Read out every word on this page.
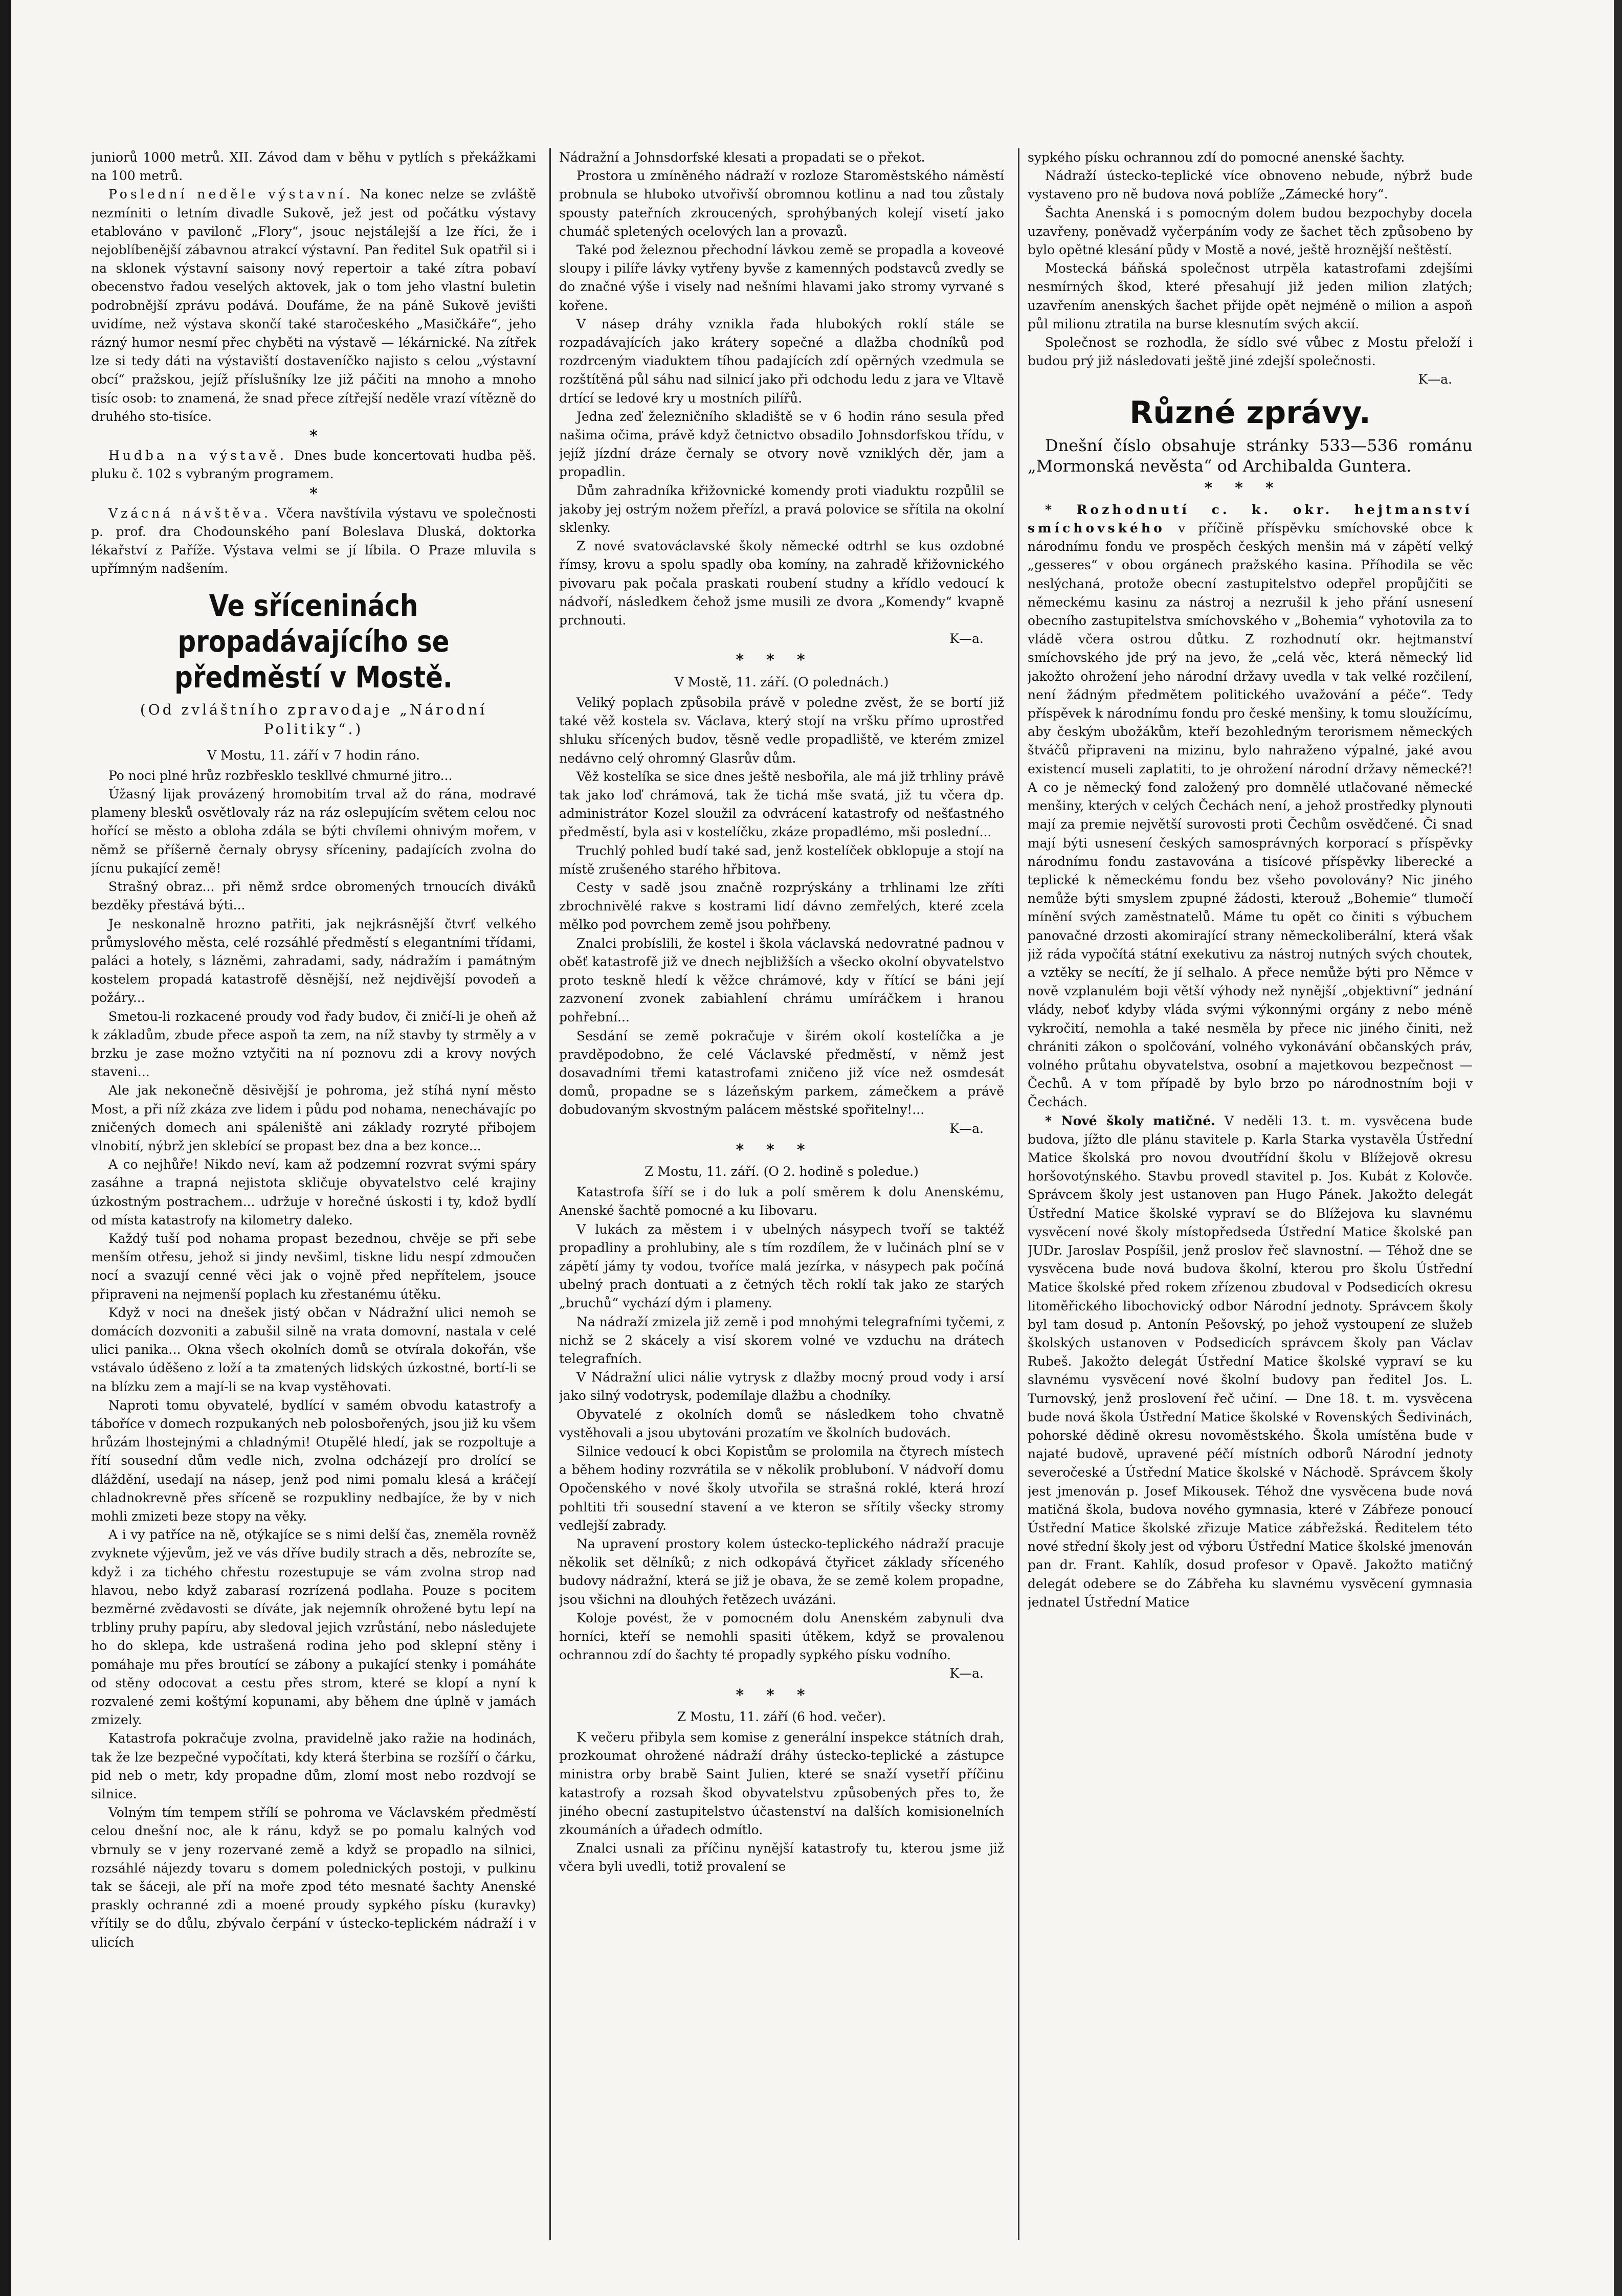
juniorů 1000 metrů. XII. Závod dam v běhu v pytlích s překážkami na 100 metrů.

Poslední neděle výstavní. Na konec nelze se zvláště nezmíniti o letním divadle Sukově, jež jest od počátku výstavy etablováno v pavilonč „Flory“, jsouc nejstálejší a lze říci, že i nejoblíbenější zábavnou atrakcí výstavní. Pan ředitel Suk opatřil si i na sklonek výstavní saisony nový repertoir a také zítra pobaví obecenstvo řadou veselých aktovek, jak o tom jeho vlastní buletin podrobnější zprávu podává. Doufáme, že na páně Sukově jevišti uvidíme, než výstava skončí také staročeského „Masičkáře“, jeho rázný humor nesmí přec chyběti na výstavě — lékárnické. Na zítřek lze si tedy dáti na výstaviští dostaveníčko najisto s celou „výstavní obcí“ pražskou, jejíž příslušníky lze již páčiti na mnoho a mnoho tisíc osob: to znamená, že snad přece zítřejší neděle vrazí vítězně do druhého sto-tisíce.

*

Hudba na výstavě. Dnes bude koncertovati hudba pěš. pluku č. 102 s vybraným programem.

*

Vzácná návštěva. Včera navštívila výstavu ve společnosti p. prof. dra Chodounského paní Boleslava Dluská, doktorka lékařství z Paříže. Výstava velmi se jí líbila. O Praze mluvila s upřímným nadšením.

Ve sříceninách propadávajícího se předměstí v Mostě.
(Od zvláštního zpravodaje „Národní Politiky“.)

V Mostu, 11. září v 7 hodin ráno.

Po noci plné hrůz rozbřesklo teskllvé chmurné jitro...

Úžasný lijak provázený hromobitím trval až do rána, modravé plameny blesků osvětlovaly ráz na ráz oslepujícím světem celou noc hořící se město a obloha zdála se býti chvílemi ohnivým mořem, v němž se příšerně černaly obrysy sříceniny, padajících zvolna do jícnu pukající země!

Strašný obraz... při němž srdce obromených trnoucích diváků bezděky přestává býti...

Je neskonalně hrozno patřiti, jak nejkrásnější čtvrť velkého průmyslového města, celé rozsáhlé předměstí s elegantními třídami, paláci a hotely, s lázněmi, zahradami, sady, nádražím i památným kostelem propadá katastrofě děsnější, než nejdivější povodeň a požáry...

Smetou-li rozkacené proudy vod řady budov, či zničí-li je oheň až k základům, zbude přece aspoň ta zem, na níž stavby ty strměly a v brzku je zase možno vztyčiti na ní poznovu zdi a krovy nových staveni...

Ale jak nekonečně děsivější je pohroma, jež stíhá nyní město Most, a při níž zkáza zve lidem i půdu pod nohama, nenechávajíc po zničených domech ani spáleniště ani základy rozryté přibojem vlnobití, nýbrž jen sklebící se propast bez dna a bez konce...

A co nejhůře! Nikdo neví, kam až podzemní rozvrat svými spáry zasáhne a trapná nejistota skličuje obyvatelstvo celé krajiny úzkostným postrachem... udržuje v horečné úskosti i ty, kdož bydlí od místa katastrofy na kilometry daleko.

Každý tuší pod nohama propast bezednou, chvěje se při sebe menším otřesu, jehož si jindy nevšiml, tiskne lidu nespí zdmoučen nocí a svazují cenné věci jak o vojně před nepřítelem, jsouce připraveni na nejmenší poplach ku zřestanému útěku.

Když v noci na dnešek jistý občan v Nádražní ulici nemoh se domácích dozvoniti a zabušil silně na vrata domovní, nastala v celé ulici panika... Okna všech okolních domů se otvírala dokořán, vše vstávalo úděšeno z loží a ta zmatených lidských úzkostné, bortí-li se na blízku zem a mají-li se na kvap vystěhovati.

Naproti tomu obyvatelé, bydlící v samém obvodu katastrofy a táboříce v domech rozpukaných neb polosbořených, jsou již ku všem hrůzám lhostejnými a chladnými! Otupělé hledí, jak se rozpoltuje a řítí sousední dům vedle nich, zvolna odcházejí pro drolící se dláždění, usedají na násep, jenž pod nimi pomalu klesá a kráčejí chladnokrevně přes sříceně se rozpukliny nedbajíce, že by v nich mohli zmizeti beze stopy na věky.

A i vy patříce na ně, otýkajíce se s nimi delší čas, zneměla rovněž zvyknete výjevům, jež ve vás dříve budily strach a děs, nebrozíte se, když i za tichého chřestu rozestupuje se vám zvolna strop nad hlavou, nebo když zabarasí rozrízená podlaha. Pouze s pocitem bezměrné zvědavosti se díváte, jak nejemník ohrožené bytu lepí na trbliny pruhy papíru, aby sledoval jejich vzrůstání, nebo následujete ho do sklepa, kde ustrašená rodina jeho pod sklepní stěny i pomáhaje mu přes broutící se zábony a pukající stenky i pomáháte od stěny odocovat a cestu přes strom, které se klopí a nyní k rozvalené zemi koštýmí kopunami, aby během dne úplně v jamách zmizely.

Katastrofa pokračuje zvolna, pravidelně jako ražie na hodinách, tak že lze bezpečné vypočítati, kdy která šterbina se rozšíří o čárku, pid neb o metr, kdy propadne dům, zlomí most nebo rozdvojí se silnice.

Volným tím tempem střílí se pohroma ve Václavském předměstí celou dnešní noc, ale k ránu, když se po pomalu kalných vod vbrnuly se v jeny rozervané země a když se propadlo na silnici, rozsáhlé nájezdy tovaru s domem polednických postoji, v pulkinu tak se šáceji, ale pří na moře zpod této mesnaté šachty Anenské praskly ochranné zdi a moené proudy sypkého písku (kuravky) vřítily se do důlu, zbývalo čerpání v ústecko-teplickém nádraží i v ulicích

Nádražní a Johnsdorfské klesati a propadati se o překot.

Prostora u zmíněného nádraží v rozloze Staroměstského náměstí probnula se hluboko utvořivší obromnou kotlinu a nad tou zůstaly spousty pateřních zkroucených, sprohýbaných kolejí visetí jako chumáč spletených ocelových lan a provazů.

Také pod železnou přechodní lávkou země se propadla a koveové sloupy i pilíře lávky vytřeny byvše z kamenných podstavců zvedly se do značné výše i visely nad nešními hlavami jako stromy vyrvané s kořene.

V násep dráhy vznikla řada hlubokých roklí stále se rozpadávajících jako krátery sopečné a dlažba chodníků pod rozdrceným viaduktem tíhou padajících zdí opěrných vzedmula se rozštítěná půl sáhu nad silnicí jako při odchodu ledu z jara ve Vltavě drtící se ledové kry u mostních pilířů.

Jedna zeď železničního skladiště se v 6 hodin ráno sesula před našima očima, právě když četnictvo obsadilo Johnsdorfskou třídu, v jejíž jízdní dráze černaly se otvory nově vzniklých děr, jam a propadlin.

Dům zahradníka křižovnické komendy proti viaduktu rozpůlil se jakoby jej ostrým nožem přeřízl, a pravá polovice se sřítila na okolní sklenky.

Z nové svatováclavské školy německé odtrhl se kus ozdobné římsy, krovu a spolu spadly oba komíny, na zahradě křižovnického pivovaru pak počala praskati roubení studny a křídlo vedoucí k nádvoří, následkem čehož jsme musili ze dvora „Komendy“ kvapně prchnouti.

K—a.
***

V Mostě, 11. září. (O polednách.)

Veliký poplach způsobila právě v poledne zvěst, že se bortí již také věž kostela sv. Václava, který stojí na vršku přímo uprostřed shluku sřícených budov, těsně vedle propadliště, ve kterém zmizel nedávno celý ohromný Glasrův dům.

Věž kostelíka se sice dnes ještě nesbořila, ale má již trhliny právě tak jako loď chrámová, tak že tichá mše svatá, již tu včera dp. administrátor Kozel sloužil za odvrácení katastrofy od nešťastného předměstí, byla asi v kostelíčku, zkáze propadlémo, mši poslední...

Truchlý pohled budí také sad, jenž kostelíček obklopuje a stojí na místě zrušeného starého hřbitova.

Cesty v sadě jsou značně rozprýskány a trhlinami lze zříti zbrochnivělé rakve s kostrami lidí dávno zemřelých, které zcela mělko pod povrchem země jsou pohřbeny.

Znalci probíslili, že kostel i škola václavská nedovratné padnou v oběť katastrofě již ve dnech nejbližších a všecko okolní obyvatelstvo proto teskně hledí k věžce chrámové, kdy v řítící se báni její zazvonení zvonek zabiahlení chrámu umíráčkem i hranou pohřební...

Sesdání se země pokračuje v širém okolí kostelíčka a je pravděpodobno, že celé Václavské předměstí, v němž jest dosavadními třemi katastrofami zničeno již více než osmdesát domů, propadne se s lázeňským parkem, zámečkem a právě dobudovaným skvostným palácem městské spořitelny!...

K—a.
***

Z Mostu, 11. září. (O 2. hodině s poledue.)

Katastrofa šíří se i do luk a polí směrem k dolu Anenskému, Anenské šachtě pomocné a ku Iibovaru.

V lukách za městem i v ubelných násypech tvoří se taktéž propadliny a prohlubiny, ale s tím rozdílem, že v lučinách plní se v zápětí jámy ty vodou, tvoříce malá jezírka, v násypech pak počíná ubelný prach dontuati a z četných těch roklí tak jako ze starých „bruchů“ vychází dým i plameny.

Na nádraží zmizela již země i pod mnohými telegrafními tyčemi, z nichž se 2 skácely a visí skorem volné ve vzduchu na drátech telegrafních.

V Nádražní ulici nálie vytrysk z dlažby mocný proud vody i arsí jako silný vodotrysk, podemílaje dlažbu a chodníky.

Obyvatelé z okolních domů se následkem toho chvatně vystěhovali a jsou ubytováni prozatím ve školních budovách.

Silnice vedoucí k obci Kopistům se prolomila na čtyrech místech a během hodiny rozvrátila se v několik probluboní. V nádvoří domu Opočenského v nové školy utvořila se strašná roklé, která hrozí pohltiti tři sousední stavení a ve kteron se sřítily všecky stromy vedlejší zabrady.

Na upravení prostory kolem ústecko-teplického nádraží pracuje několik set dělníků; z nich odkopává čtyřicet základy sříceného budovy nádražní, která se již je obava, že se země kolem propadne, jsou všichni na dlouhých řetězech uvázáni.

Koloje povést, že v pomocném dolu Anenském zabynuli dva horníci, kteří se nemohli spasiti útěkem, když se provalenou ochrannou zdí do šachty té propadly sypkého písku vodního.

K—a.
***

Z Mostu, 11. září (6 hod. večer).

K večeru přibyla sem komise z generální inspekce státních drah, prozkoumat ohrožené nádraží dráhy ústecko-teplické a zástupce ministra orby brabě Saint Julien, které se snaží vysetří příčinu katastrofy a rozsah škod obyvatelstvu způsobených přes to, že jiného obecní zastupitelstvo účastenství na dalších komisionelních zkoumáních a úřadech odmítlo.

Znalci usnali za příčinu nynější katastrofy tu, kterou jsme již včera byli uvedli, totiž provalení se

sypkého písku ochrannou zdí do pomocné anenské šachty.

Nádraží ústecko-teplické více obnoveno nebude, nýbrž bude vystaveno pro ně budova nová poblíže „Zámecké hory“.

Šachta Anenská i s pomocným dolem budou bezpochyby docela uzavřeny, poněvadž vyčerpáním vody ze šachet těch způsobeno by bylo opětné klesání půdy v Mostě a nové, ještě hroznější neštěstí.

Mostecká báňská společnost utrpěla katastrofami zdejšími nesmírných škod, které přesahují již jeden milion zlatých; uzavřením anenských šachet přijde opět nejméně o milion a aspoň půl milionu ztratila na burse klesnutím svých akcií.

Společnost se rozhodla, že sídlo své vůbec z Mostu přeloží i budou prý již následovati ještě jiné zdejší společnosti.

K—a.
Různé zprávy.

Dnešní číslo obsahuje stránky 533—536 románu „Mormonská nevěsta“ od Archibalda Guntera.

***

* Rozhodnutí c. k. okr. hejtmanství smíchovského v příčině příspěvku smíchovské obce k národnímu fondu ve prospěch českých menšin má v zápětí velký „gesseres“ v obou orgánech pražského kasina. Příhodila se věc neslýchaná, protože obecní zastupitelstvo odepřel propůjčiti se německému kasinu za nástroj a nezrušil k jeho přání usnesení obecního zastupitelstva smíchovského v „Bohemia“ vyhotovila za to vládě včera ostrou důtku. Z rozhodnutí okr. hejtmanství smíchovského jde prý na jevo, že „celá věc, která německý lid jakožto ohrožení jeho národní državy uvedla v tak velké rozčilení, není žádným předmětem politického uvažování a péče“. Tedy příspěvek k národnímu fondu pro české menšiny, k tomu sloužícímu, aby českým ubožákům, kteří bezohledným terorismem německých štváčů připraveni na mizinu, bylo nahraženo výpalné, jaké avou existencí museli zaplatiti, to je ohrožení národní državy německé?! A co je německý fond založený pro domnělé utlačované německé menšiny, kterých v celých Čechách není, a jehož prostředky plynouti mají za premie největší surovosti proti Čechům osvědčené. Či snad mají býti usnesení českých samosprávných korporací s příspěvky národnímu fondu zastavována a tisícové příspěvky liberecké a teplické k německému fondu bez všeho povolovány? Nic jiného nemůže býti smyslem zpupné žádosti, kterouž „Bohemie“ tlumočí mínění svých zaměstnatelů. Máme tu opět co činiti s výbuchem panovačné drzosti akomirající strany německoliberální, která však již ráda vypočítá státní exekutivu za nástroj nutných svých choutek, a vztěky se necítí, že jí selhalo. A přece nemůže býti pro Němce v nově vzplanulém boji větší výhody než nynější „objektivní“ jednání vlády, neboť kdyby vláda svými výkonnými orgány z nebo méně vykročití, nemohla a také nesměla by přece nic jiného činiti, než chrániti zákon o spolčování, volného vykonávání občanských práv, volného průtahu obyvatelstva, osobní a majetkovou bezpečnost — Čechů. A v tom případě by bylo brzo po národnostním boji v Čechách.

* Nové školy matičné. V neděli 13. t. m. vysvěcena bude budova, jížto dle plánu stavitele p. Karla Starka vystavěla Ústřední Matice školská pro novou dvoutřídní školu v Blížejově okresu horšovotýnského. Stavbu provedl stavitel p. Jos. Kubát z Kolovče. Správcem školy jest ustanoven pan Hugo Pánek. Jakožto delegát Ústřední Matice školské vypraví se do Blížejova ku slavnému vysvěcení nové školy místopředseda Ústřední Matice školské pan JUDr. Jaroslav Pospíšil, jenž proslov řeč slavnostní. — Téhož dne se vysvěcena bude nová budova školní, kterou pro školu Ústřední Matice školské před rokem zřízenou zbudoval v Podsedicích okresu litoměřického libochovický odbor Národní jednoty. Správcem školy byl tam dosud p. Antonín Pešovský, po jehož vystoupení ze služeb školských ustanoven v Podsedicích správcem školy pan Václav Rubeš. Jakožto delegát Ústřední Matice školské vypraví se ku slavnému vysvěcení nové školní budovy pan ředitel Jos. L. Turnovský, jenž proslovení řeč učiní. — Dne 18. t. m. vysvěcena bude nová škola Ústřední Matice školské v Rovenských Šedivinách, pohorské dědině okresu novoměstského. Škola umístěna bude v najaté budově, upravené péčí místních odborů Národní jednoty severočeské a Ústřední Matice školské v Náchodě. Správcem školy jest jmenován p. Josef Mikousek. Téhož dne vysvěcena bude nová matičná škola, budova nového gymnasia, které v Zábřeze ponoucí Ústřední Matice školské zřizuje Matice zábřežská. Ředitelem této nové střední školy jest od výboru Ústřední Matice školské jmenován pan dr. Frant. Kahlík, dosud profesor v Opavě. Jakožto matičný delegát odebere se do Zábřeha ku slavnému vysvěcení gymnasia jednatel Ústřední Matice
